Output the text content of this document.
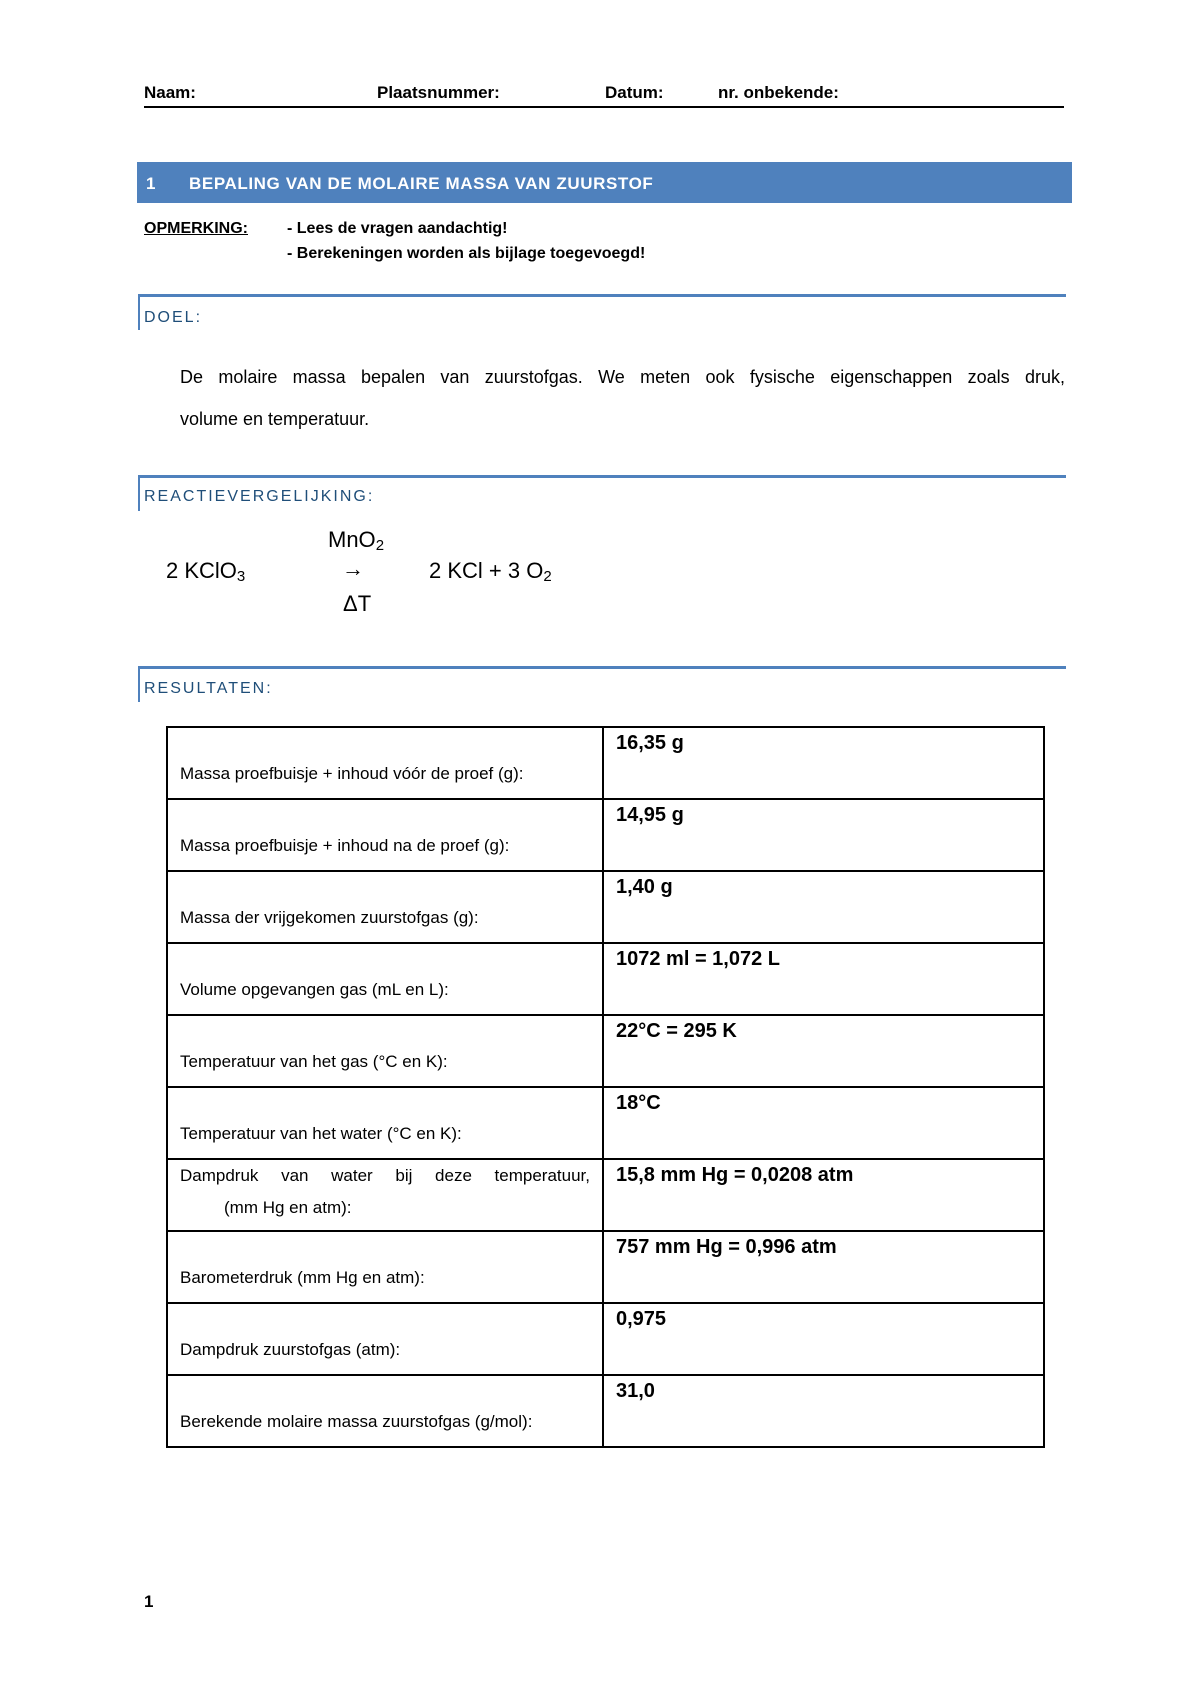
Naam:	Plaatsnummer:	Datum:	nr. onbekende:
1 BEPALING VAN DE MOLAIRE MASSA VAN ZUURSTOF
OPMERKING: - Lees de vragen aandachtig!
- Berekeningen worden als bijlage toegevoegd!
DOEL:
De molaire massa bepalen van zuurstofgas. We meten ook fysische eigenschappen zoals druk,
volume en temperatuur.
REACTIEVERGELIJKING:
MnO$_2$
2 KClO$_3$	→	2 KCl + 3 $O_2$
ΔT
RESULTATEN:
Massa proefbuisje + inhoud vóór de proef (g):	16,35 g

Massa proefbuisje + inhoud na de proef (g):	14,95 g

Massa der vrijgekomen zuurstofgas (g):	1,40 g

Volume opgevangen gas (mL en L):	1072 ml = 1,072 L

Temperatuur van het gas (°C en K):	22°C = 295 K

Temperatuur van het water (°C en K):	18°C

Dampdruk van water bij deze temperatuur,
(mm Hg en atm):	15,8 mm Hg = 0,0208 atm

Barometerdruk (mm Hg en atm):	757 mm Hg = 0,996 atm

Dampdruk zuurstofgas (atm):	0,975

Berekende molaire massa zuurstofgas (g/mol):	31,0
1
